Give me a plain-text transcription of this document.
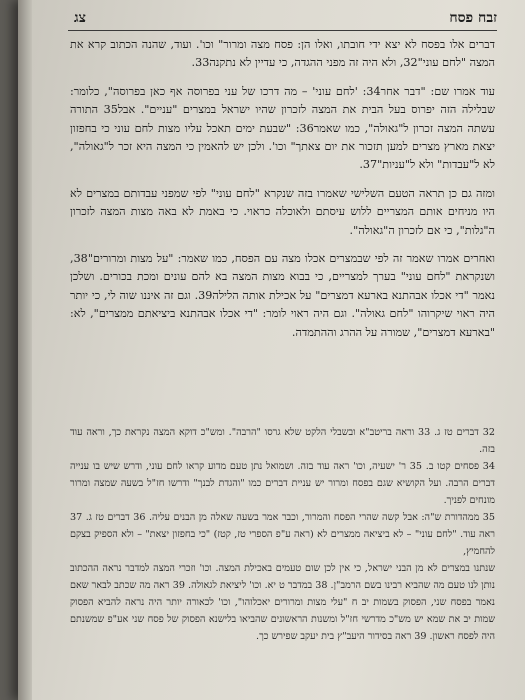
זבח פסח
צג

דברים אלו בפסח לא יצא ידי חובתו, ואלו הן: פסח מצה ומרור" וכו'. ועוד, שהנה הכתוב קרא את המצה "לחם עוני"32, ולא היה זה מפני ההגדה, כי עדיין לא נתקנה33.

עוד אמרו שם: "דבר אחר34: 'לחם עוני' – מה דרכו של עני בפרוסה אף כאן בפרוסה", כלומר: שבלילה הזה יפרוס בעל הבית את המצה לזכרון שהיו ישראל במצרים "עניים". אבל35 התורה עשתה המצה זכרון ל"גאולה", כמו שאמר36: "שבעת ימים תאכל עליו מצות לחם עוני כי בחפזון יצאת מארץ מצרים למען תזכור את יום צאתך" וכו'. ולכן יש להאמין כי המצה היא זכר ל"גאולה", לא ל"עבדות" ולא ל"עניות"37.

ומזה גם כן תראה הטעם השלישי שאמרו בזה שנקרא "לחם עוני" לפי שמפני עבדותם במצרים לא היו מניחים אותם המצריים ללוש עיסתם ולאוכלה כראוי. כי באמת לא באה מצות המצה לזכרון ה"גלות", כי אם לזכרון ה"גאולה".

ואחרים אמרו שאמר זה לפי שבמצרים אכלו מצה עם הפסח, כמו שאמר: "על מצות ומרורים"38, ושנקראת "לחם עוני" בערך למצריים, כי בבוא מצות המצה בא להם עונים ומכת בכורים. ושלכן נאמר "די אכלו אבהתנא בארעא דמצרים" על אכילת אותה הלילה39. וגם זה איננו שוה לי, כי יותר היה ראוי שיקרוהו "לחם גאולה". וגם היה ראוי לומר: "די אכלו אבהתנא ביציאתם ממצרים", לא: "בארעא דמצרים", שמורה על ההרג וההתמדה.

32 דברים טז ג. 33 וראה בריטב"א ובשבלי הלקט שלא גרסו "הרבה". ומש"כ דוקא המצה נקראת כך, וראה עוד בזה.

34 פסחים קטו ב. 35 ר' ישעיה, וכו' ראה עוד בזה. ושמואל נתן טעם מדוע קראו לחם עוני, ודרש שיש בו ענייה דברים הרבה. ועל הקושיא שגם בפסח ומרור יש עניית דברים כמו "והגדת לבנך" ודרשו חז"ל בשעה שמצה ומרור מונחים לפניך.

35 ממהדורת ש"ה: אבל קשה שהרי הפסח והמרור, וכבר אמר בשעה שאלה מן הבנים עליה. 36 דברים טז ג. 37 ראה עוד. "לחם עוני" – לא ביציאה ממצרים לא (ראה ע"פ הספרי טז, קטז) "כי בחפזון יצאת" – ולא הספיק בצקם להחמיץ,

שנתנו במצרים לא מן הבני ישראל, כי אין לכן שום טעמים באכילת המצה. וכו' וזכרי המצה למדבר נראה ההכתוב נותן לנו טעם מה שהביא רבינו בשם הרמב"ן. 38 במדבר ט יא. וכו' ליציאת לגאולה. 39 ראה מה שכתב לבאר שאם נאמר בפסח שני, הפסוק בשמות יב ח "עלי מצות ומרורים יאכלוהו", וכו' לכאורה יותר היה נראה להביא הפסוק שמות יב את שמא יש מש"כ מדרשי חז"ל ומשנות הראשונים שהביאו בלישנא הפסוק של פסח שני אע"פ שמשנתם היה לפסח ראשון. 39 ראה בסידור היעב"ץ בית יעקב שפירש כך.
